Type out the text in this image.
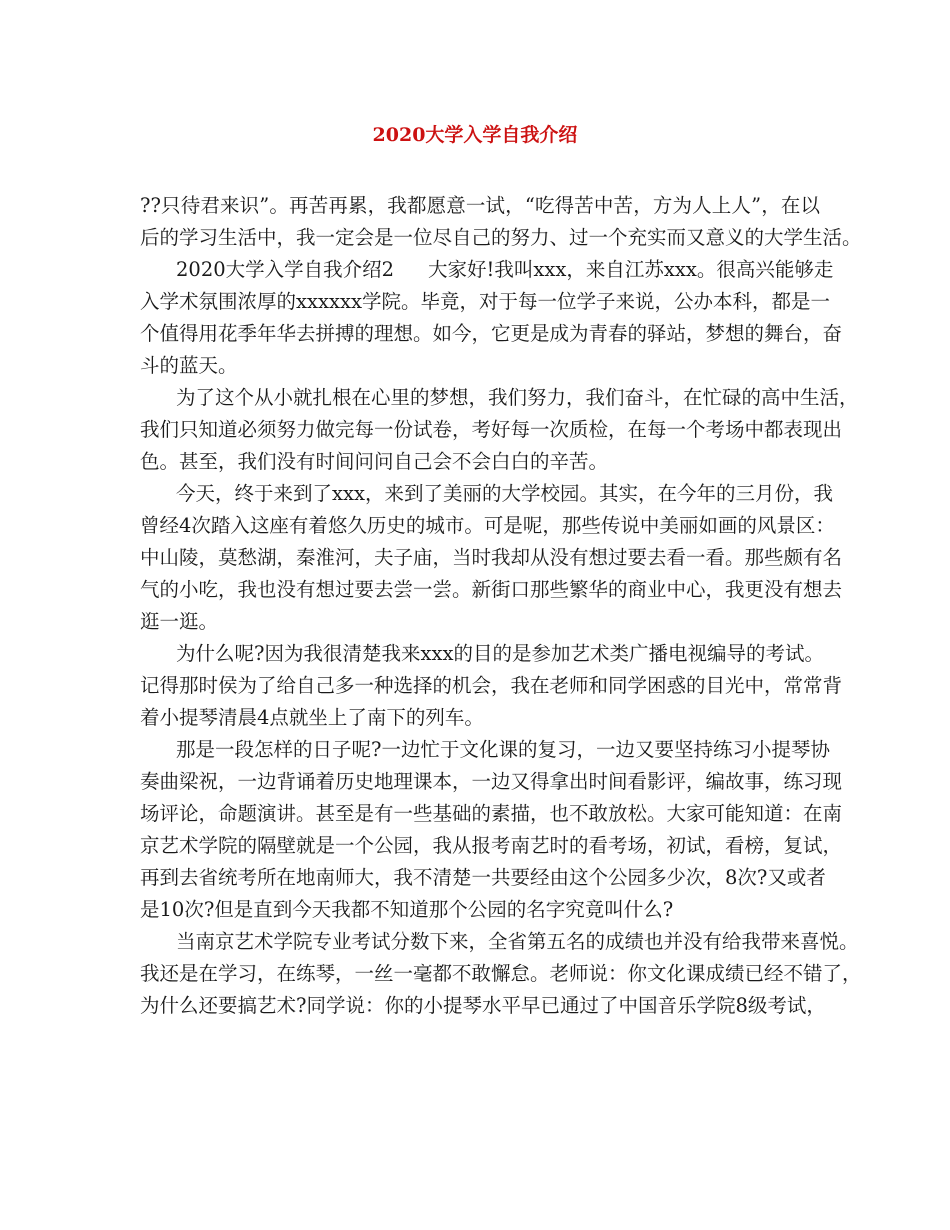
2020大学入学自我介绍
??只待君来识”。再苦再累，我都愿意一试，“吃得苦中苦，方为人上人”，在以
后的学习生活中，我一定会是一位尽自己的努力、过一个充实而又意义的大学生活。
2020大学入学自我介绍2 大家好!我叫xxx，来自江苏xxx。很高兴能够走
入学术氛围浓厚的xxxxxx学院。毕竟，对于每一位学子来说，公办本科，都是一
个值得用花季年华去拼搏的理想。如今，它更是成为青春的驿站，梦想的舞台，奋
斗的蓝天。
为了这个从小就扎根在心里的梦想，我们努力，我们奋斗，在忙碌的高中生活，
我们只知道必须努力做完每一份试卷，考好每一次质检，在每一个考场中都表现出
色。甚至，我们没有时间问问自己会不会白白的辛苦。
今天，终于来到了xxx，来到了美丽的大学校园。其实，在今年的三月份，我
曾经4次踏入这座有着悠久历史的城市。可是呢，那些传说中美丽如画的风景区：
中山陵，莫愁湖，秦淮河，夫子庙，当时我却从没有想过要去看一看。那些颇有名
气的小吃，我也没有想过要去尝一尝。新街口那些繁华的商业中心，我更没有想去
逛一逛。
为什么呢?因为我很清楚我来xxx的目的是参加艺术类广播电视编导的考试。
记得那时侯为了给自己多一种选择的机会，我在老师和同学困惑的目光中，常常背
着小提琴清晨4点就坐上了南下的列车。
那是一段怎样的日子呢?一边忙于文化课的复习，一边又要坚持练习小提琴协
奏曲梁祝，一边背诵着历史地理课本，一边又得拿出时间看影评，编故事，练习现
场评论，命题演讲。甚至是有一些基础的素描，也不敢放松。大家可能知道：在南
京艺术学院的隔壁就是一个公园，我从报考南艺时的看考场，初试，看榜，复试，
再到去省统考所在地南师大，我不清楚一共要经由这个公园多少次，8次?又或者
是10次?但是直到今天我都不知道那个公园的名字究竟叫什么?
当南京艺术学院专业考试分数下来，全省第五名的成绩也并没有给我带来喜悦。
我还是在学习，在练琴，一丝一毫都不敢懈怠。老师说：你文化课成绩已经不错了，
为什么还要搞艺术?同学说：你的小提琴水平早已通过了中国音乐学院8级考试，
